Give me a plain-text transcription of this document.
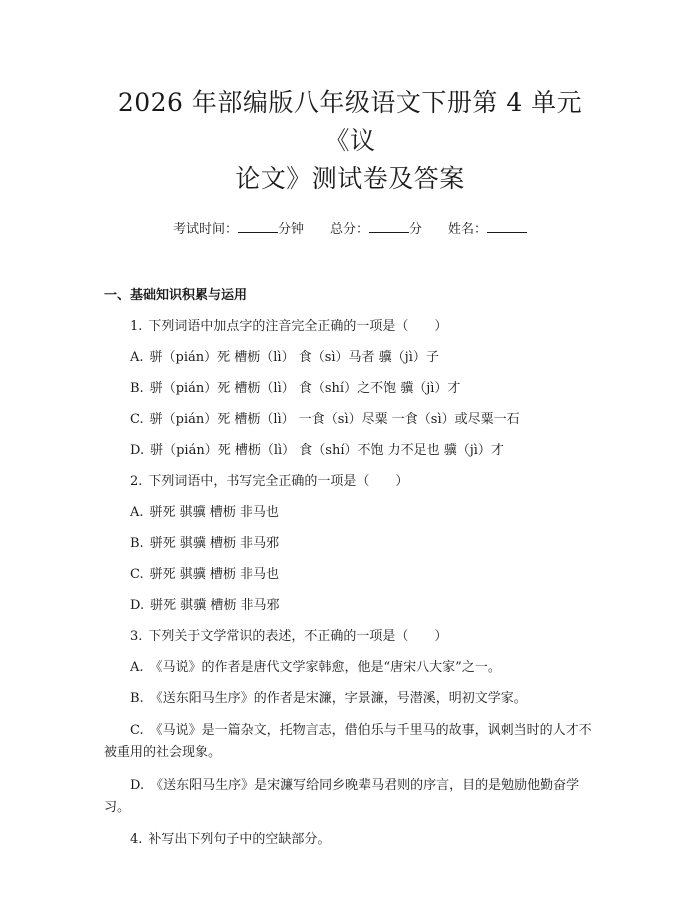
2026 年部编版八年级语文下册第 4 单元《议
论文》测试卷及答案
考试时间：	分钟 总分：	分 姓名：
一、基础知识积累与运用
1. 下列词语中加点字的注音完全正确的一项是（　　）
A. 骈（pián）死 槽枥（lì） 食（sì）马者 骥（jì）子
B. 骈（pián）死 槽枥（lì） 食（shí）之不饱 骥（jì）才
C. 骈（pián）死 槽枥（lì） 一食（sì）尽粟 一食（sì）或尽粟一石
D. 骈（pián）死 槽枥（lì） 食（shí）不饱 力不足也 骥（jì）才
2. 下列词语中，书写完全正确的一项是（　　）
A. 骈死 骐骥 槽枥 非马也
B. 骈死 骐骥 槽枥 非马邪
C. 骈死 骐骥 槽枥 非马也
D. 骈死 骐骥 槽枥 非马邪
3. 下列关于文学常识的表述，不正确的一项是（　　）
A. 《马说》的作者是唐代文学家韩愈，他是“唐宋八大家”之一。
B. 《送东阳马生序》的作者是宋濂，字景濂，号潜溪，明初文学家。
C. 《马说》是一篇杂文，托物言志，借伯乐与千里马的故事，讽刺当时的人才不被重用的社会现象。
D. 《送东阳马生序》是宋濂写给同乡晚辈马君则的序言，目的是勉励他勤奋学习。
4. 补写出下列句子中的空缺部分。
